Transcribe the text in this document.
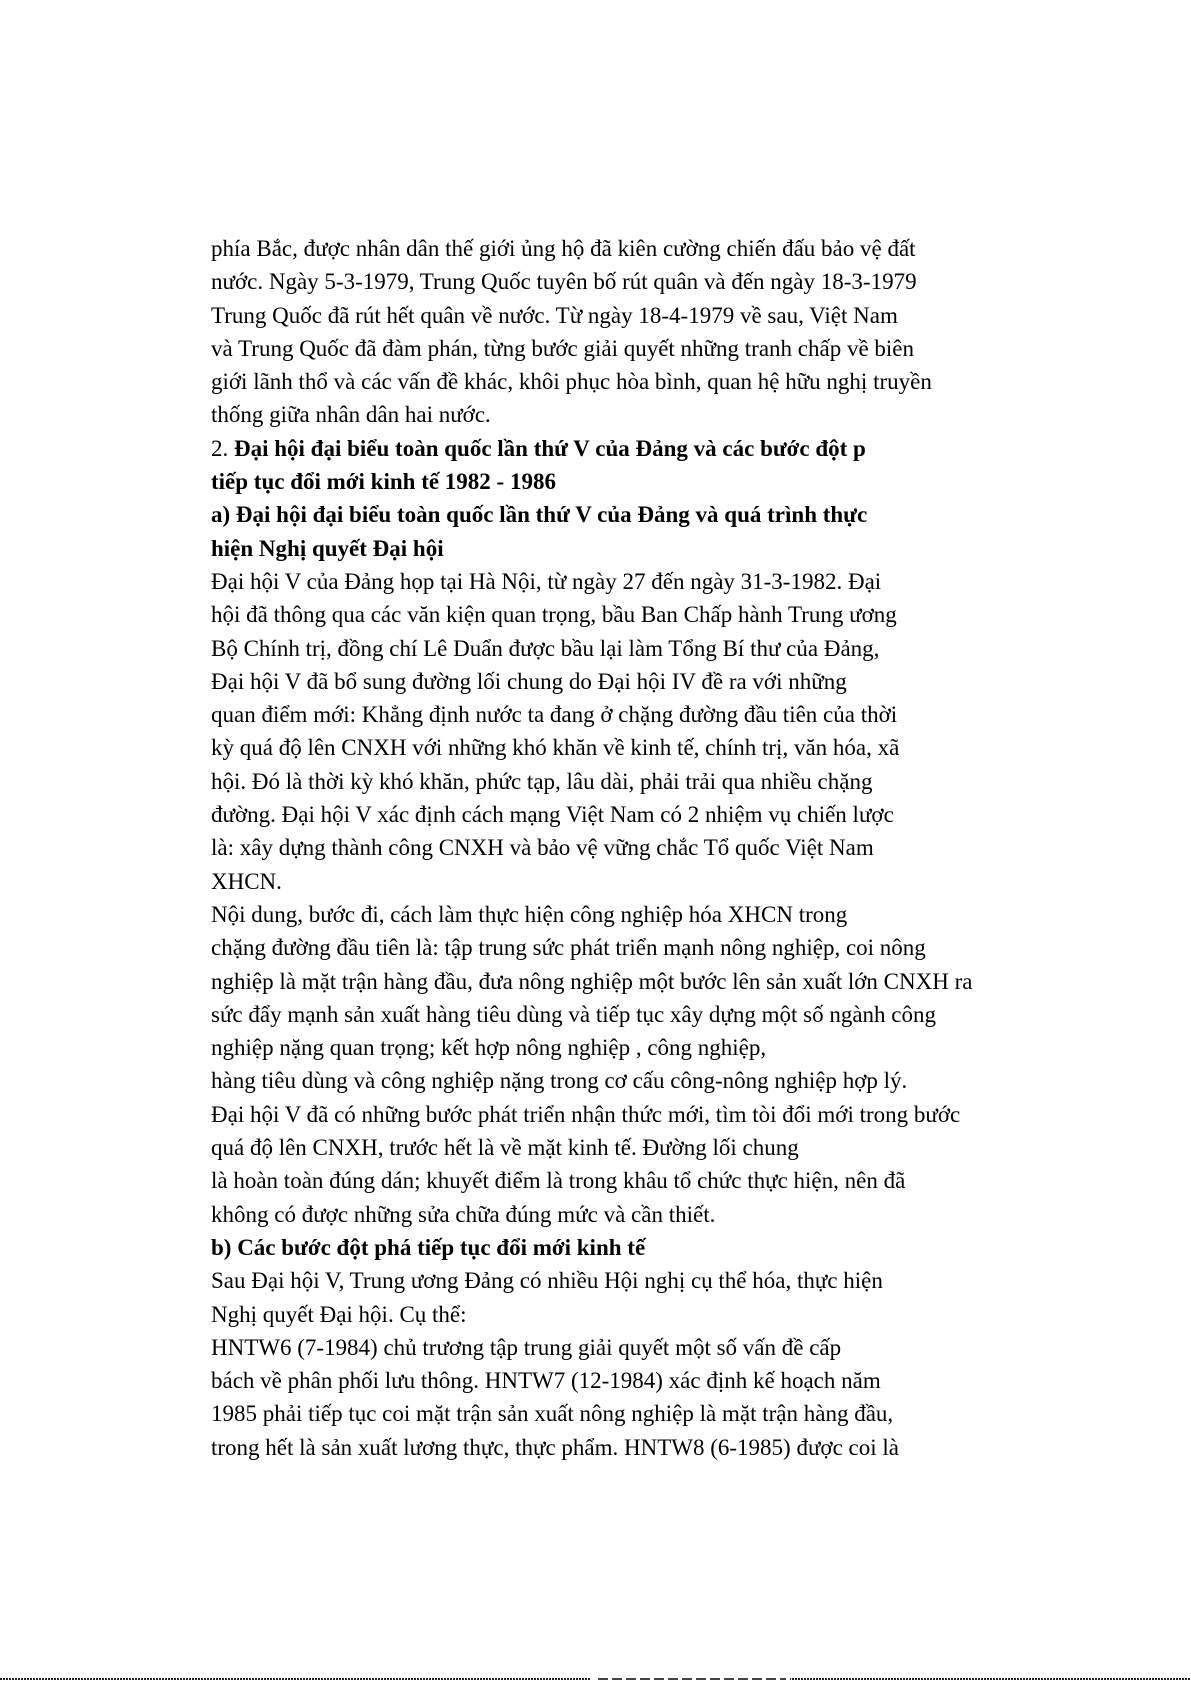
phía Bắc, được nhân dân thế giới ủng hộ đã kiên cường chiến đấu bảo vệ đất
nước. Ngày 5-3-1979, Trung Quốc tuyên bố rút quân và đến ngày 18-3-1979
Trung Quốc đã rút hết quân về nước. Từ ngày 18-4-1979 về sau, Việt Nam
và Trung Quốc đã đàm phán, từng bước giải quyết những tranh chấp về biên
giới lãnh thổ và các vấn đề khác, khôi phục hòa bình, quan hệ hữu nghị truyền
thống giữa nhân dân hai nước.
2. Đại hội đại biểu toàn quốc lần thứ V của Đảng và các bước đột p
tiếp tục đổi mới kinh tế 1982 - 1986
a) Đại hội đại biểu toàn quốc lần thứ V của Đảng và quá trình thực
hiện Nghị quyết Đại hội
Đại hội V của Đảng họp tại Hà Nội, từ ngày 27 đến ngày 31-3-1982. Đại
hội đã thông qua các văn kiện quan trọng, bầu Ban Chấp hành Trung ương
Bộ Chính trị, đồng chí Lê Duẩn được bầu lại làm Tổng Bí thư của Đảng,
Đại hội V đã bổ sung đường lối chung do Đại hội IV đề ra với những
quan điểm mới: Khẳng định nước ta đang ở chặng đường đầu tiên của thời
kỳ quá độ lên CNXH với những khó khăn về kinh tế, chính trị, văn hóa, xã
hội. Đó là thời kỳ khó khăn, phức tạp, lâu dài, phải trải qua nhiều chặng
đường. Đại hội V xác định cách mạng Việt Nam có 2 nhiệm vụ chiến lược
là: xây dựng thành công CNXH và bảo vệ vững chắc Tổ quốc Việt Nam
XHCN.
Nội dung, bước đi, cách làm thực hiện công nghiệp hóa XHCN trong
chặng đường đầu tiên là: tập trung sức phát triển mạnh nông nghiệp, coi nông
nghiệp là mặt trận hàng đầu, đưa nông nghiệp một bước lên sản xuất lớn CNXH ra
sức đẩy mạnh sản xuất hàng tiêu dùng và tiếp tục xây dựng một số ngành công
nghiệp nặng quan trọng; kết hợp nông nghiệp , công nghiệp,
hàng tiêu dùng và công nghiệp nặng trong cơ cấu công-nông nghiệp hợp lý.
Đại hội V đã có những bước phát triển nhận thức mới, tìm tòi đổi mới trong bước
quá độ lên CNXH, trước hết là về mặt kinh tế. Đường lối chung
là hoàn toàn đúng dán; khuyết điểm là trong khâu tổ chức thực hiện, nên đã
không có được những sửa chữa đúng mức và cần thiết.
b) Các bước đột phá tiếp tục đổi mới kinh tế
Sau Đại hội V, Trung ương Đảng có nhiều Hội nghị cụ thể hóa, thực hiện
Nghị quyết Đại hội. Cụ thể:
HNTW6 (7-1984) chủ trương tập trung giải quyết một số vấn đề cấp
bách về phân phối lưu thông. HNTW7 (12-1984) xác định kế hoạch năm
1985 phải tiếp tục coi mặt trận sản xuất nông nghiệp là mặt trận hàng đầu,
trong hết là sản xuất lương thực, thực phẩm. HNTW8 (6-1985) được coi là
